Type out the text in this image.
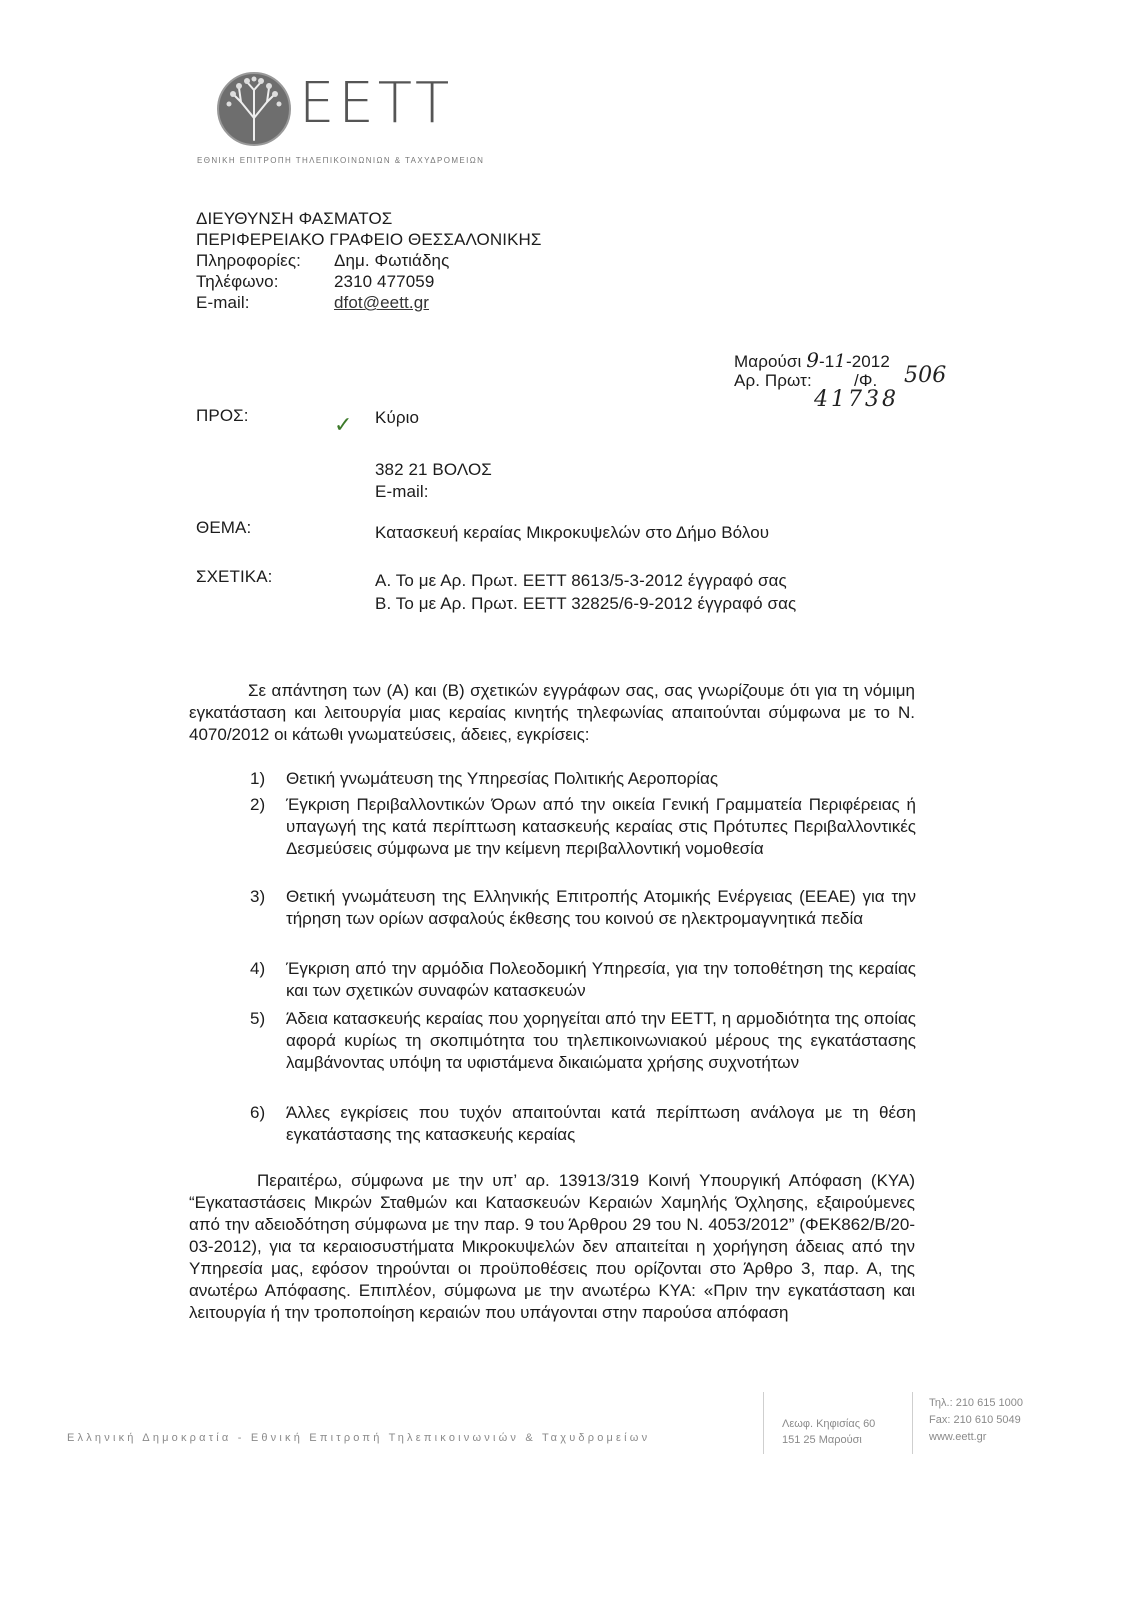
EETT
ΕΘΝΙΚΗ ΕΠΙΤΡΟΠΗ ΤΗΛΕΠΙΚΟΙΝΩΝΙΩΝ & ΤΑΧΥΔΡΟΜΕΙΩΝ
ΔΙΕΥΘΥΝΣΗ ΦΑΣΜΑΤΟΣ
ΠΕΡΙΦΕΡΕΙΑΚΟ ΓΡΑΦΕΙΟ ΘΕΣΣΑΛΟΝΙΚΗΣ
Πληροφορίες: Δημ. Φωτιάδης
Τηλέφωνο:	2310 477059
E-mail:	dfot@eett.gr
Μαρούσι 9-11-2012
Αρ. Πρωτ: /Φ. 506
41738
ΠΡΟΣ:	✓ Κύριο
382 21 ΒΟΛΟΣ
E-mail:
ΘΕΜΑ:	Κατασκευή κεραίας Μικροκυψελών στο Δήμο Βόλου
ΣΧΕΤΙΚΑ:	Α. Το με Αρ. Πρωτ. ΕΕΤΤ 8613/5-3-2012 έγγραφό σας
Β. Το με Αρ. Πρωτ. ΕΕΤΤ 32825/6-9-2012 έγγραφό σας
Σε απάντηση των (Α) και (Β) σχετικών εγγράφων σας, σας γνωρίζουμε ότι για τη νόμιμη εγκατάσταση και λειτουργία μιας κεραίας κινητής τηλεφωνίας απαιτούνται σύμφωνα με το Ν. 4070/2012 οι κάτωθι γνωματεύσεις, άδειες, εγκρίσεις:
1)	Θετική γνωμάτευση της Υπηρεσίας Πολιτικής Αεροπορίας
2)	Έγκριση Περιβαλλοντικών Όρων από την οικεία Γενική Γραμματεία Περιφέρειας ή υπαγωγή της κατά περίπτωση κατασκευής κεραίας στις Πρότυπες Περιβαλλοντικές Δεσμεύσεις σύμφωνα με την κείμενη περιβαλλοντική νομοθεσία
3)	Θετική γνωμάτευση της Ελληνικής Επιτροπής Ατομικής Ενέργειας (ΕΕΑΕ) για την τήρηση των ορίων ασφαλούς έκθεσης του κοινού σε ηλεκτρομαγνητικά πεδία
4)	Έγκριση από την αρμόδια Πολεοδομική Υπηρεσία, για την τοποθέτηση της κεραίας και των σχετικών συναφών κατασκευών
5)	Άδεια κατασκευής κεραίας που χορηγείται από την ΕΕΤΤ, η αρμοδιότητα της οποίας αφορά κυρίως τη σκοπιμότητα του τηλεπικοινωνιακού μέρους της εγκατάστασης λαμβάνοντας υπόψη τα υφιστάμενα δικαιώματα χρήσης συχνοτήτων
6)	Άλλες εγκρίσεις που τυχόν απαιτούνται κατά περίπτωση ανάλογα με τη θέση εγκατάστασης της κατασκευής κεραίας
Περαιτέρω, σύμφωνα με την υπ’ αρ. 13913/319 Κοινή Υπουργική Απόφαση (ΚΥΑ) “Εγκαταστάσεις Μικρών Σταθμών και Κατασκευών Κεραιών Χαμηλής Όχλησης, εξαιρούμενες από την αδειοδότηση σύμφωνα με την παρ. 9 του Άρθρου 29 του Ν. 4053/2012” (ΦΕΚ862/Β/20-03-2012), για τα κεραιοσυστήματα Μικροκυψελών δεν απαιτείται η χορήγηση άδειας από την Υπηρεσία μας, εφόσον τηρούνται οι προϋποθέσεις που ορίζονται στο Άρθρο 3, παρ. Α, της ανωτέρω Απόφασης. Επιπλέον, σύμφωνα με την ανωτέρω ΚΥΑ: «Πριν την εγκατάσταση και λειτουργία ή την τροποποίηση κεραιών που υπάγονται στην παρούσα απόφαση
Ελληνική Δημοκρατία - Εθνική Επιτροπή Τηλεπικοινωνιών & Ταχυδρομείων
Λεωφ. Κηφισίας 60
151 25 Μαρούσι
Τηλ.: 210 615 1000
Fax: 210 610 5049
www.eett.gr
